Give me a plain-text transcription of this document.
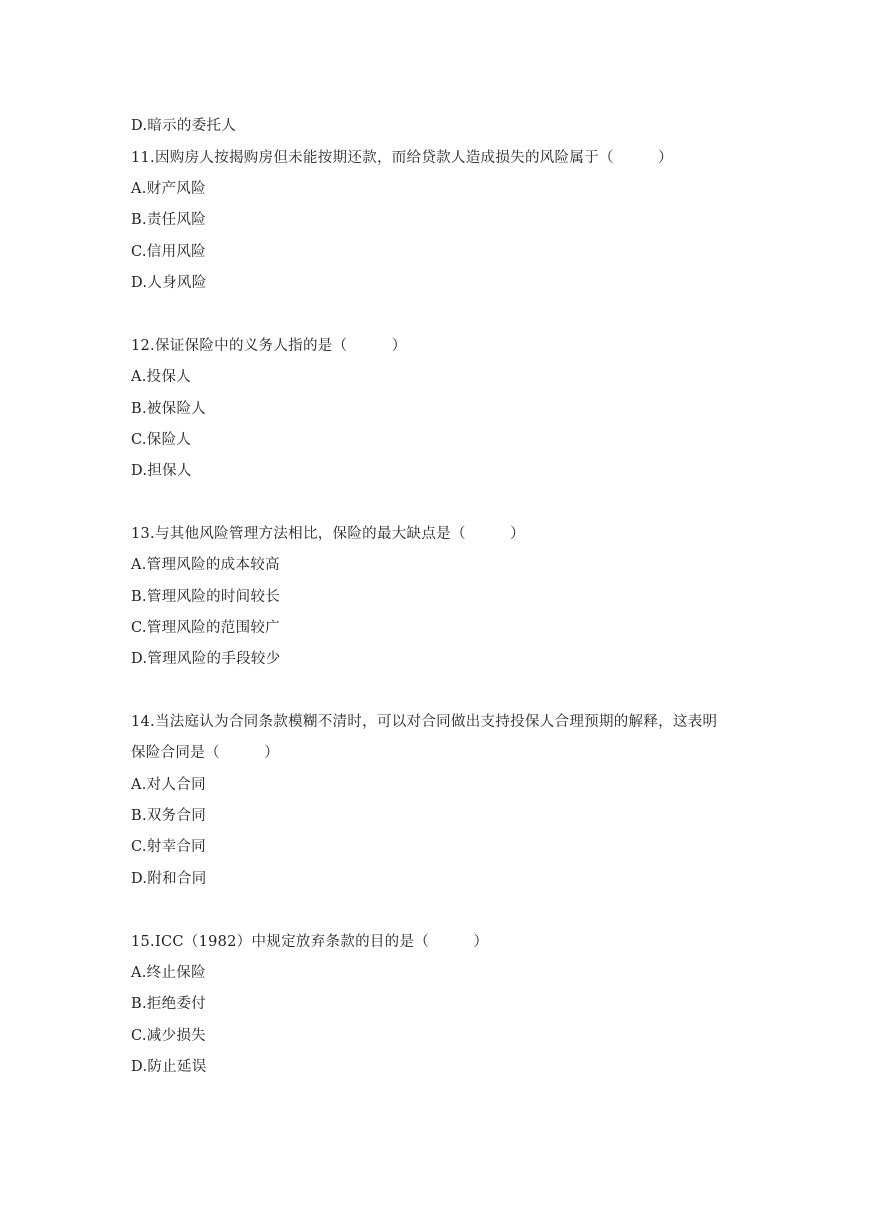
D.暗示的委托人
11.因购房人按揭购房但未能按期还款，而给贷款人造成损失的风险属于（　　　）
A.财产风险
B.责任风险
C.信用风险
D.人身风险
12.保证保险中的义务人指的是（　　　）
A.投保人
B.被保险人
C.保险人
D.担保人
13.与其他风险管理方法相比，保险的最大缺点是（　　　）
A.管理风险的成本较高
B.管理风险的时间较长
C.管理风险的范围较广
D.管理风险的手段较少
14.当法庭认为合同条款模糊不清时，可以对合同做出支持投保人合理预期的解释，这表明
保险合同是（　　　）
A.对人合同
B.双务合同
C.射幸合同
D.附和合同
15.ICC（1982）中规定放弃条款的目的是（　　　）
A.终止保险
B.拒绝委付
C.减少损失
D.防止延误
